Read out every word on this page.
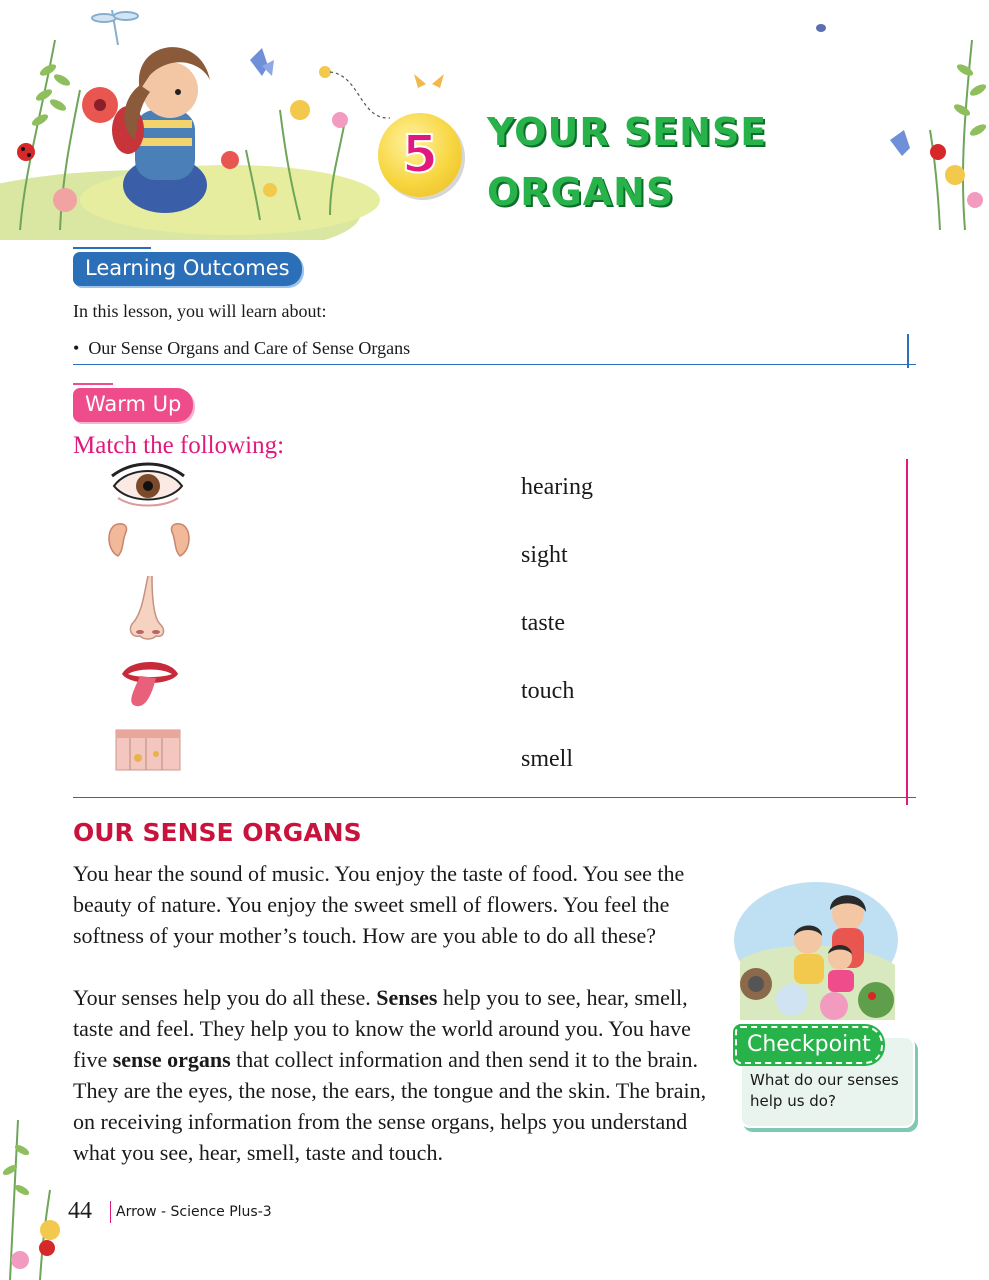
5	YOUR SENSE
ORGANS
Learning Outcomes
In this lesson, you will learn about:
•  Our Sense Organs and Care of Sense Organs
Warm Up
Match the following:
hearing
sight
taste
touch
smell
OUR SENSE ORGANS
You hear the sound of music. You enjoy the taste of food. You see the beauty of nature. You enjoy the sweet smell of flowers. You feel the softness of your mother’s touch. How are you able to do all these?
Your senses help you do all these. Senses help you to see, hear, smell, taste and feel. They help you to know the world around you. You have five sense organs that collect information and then send it to the brain. They are the eyes, the nose, the ears, the tongue and the skin. The brain, on receiving information from the sense organs, helps you understand what you see, hear, smell, taste and touch.
Checkpoint
What do our senses help us do?
44 Arrow - Science Plus-3
